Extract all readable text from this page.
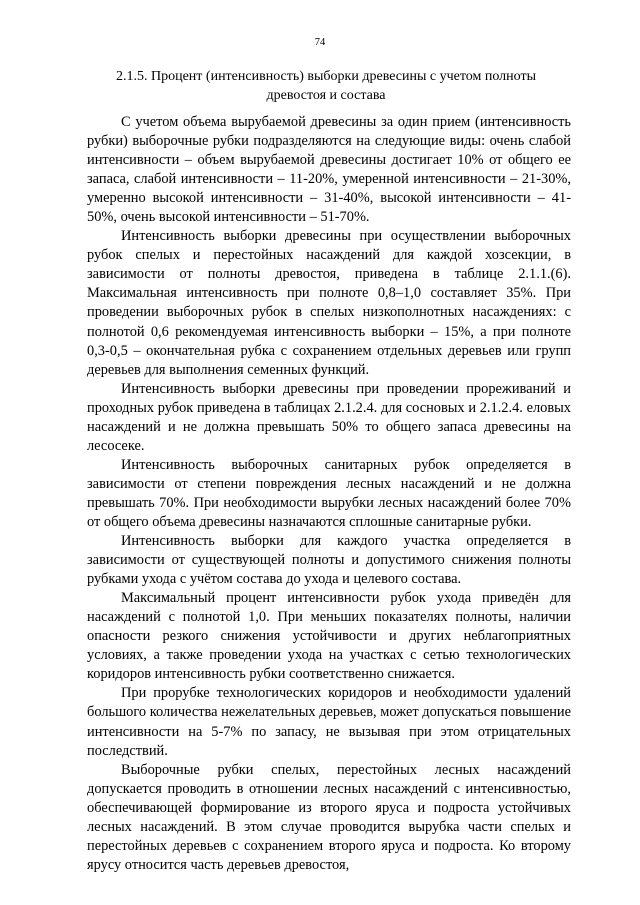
74
2.1.5. Процент (интенсивность) выборки древесины с учетом полноты
древостоя и состава

С учетом объема вырубаемой древесины за один прием (интенсивность рубки) выборочные рубки подразделяются на следующие виды: очень слабой интенсивности – объем вырубаемой древесины достигает 10% от общего ее запаса, слабой интенсивности – 11-20%, умеренной интенсивности – 21-30%, умеренно высокой интенсивности – 31-40%, высокой интенсивности – 41-50%, очень высокой интенсивности – 51-70%.

Интенсивность выборки древесины при осуществлении выборочных рубок спелых и перестойных насаждений для каждой хозсекции, в зависимости от полноты древостоя, приведена в таблице 2.1.1.(6). Максимальная интенсивность при полноте 0,8–1,0 составляет 35%. При проведении выборочных рубок в спелых низкополнотных насаждениях: с полнотой 0,6 рекомендуемая интенсивность выборки – 15%, а при полноте 0,3-0,5 – окончательная рубка с сохранением отдельных деревьев или групп деревьев для выполнения семенных функций.

Интенсивность выборки древесины при проведении прореживаний и проходных рубок приведена в таблицах 2.1.2.4. для сосновых и 2.1.2.4. еловых насаждений и не должна превышать 50% то общего запаса древесины на лесосеке.

Интенсивность выборочных санитарных рубок определяется в зависимости от степени повреждения лесных насаждений и не должна превышать 70%. При необходимости вырубки лесных насаждений более 70% от общего объема древесины назначаются сплошные санитарные рубки.

Интенсивность выборки для каждого участка определяется в зависимости от существующей полноты и допустимого снижения полноты рубками ухода с учётом состава до ухода и целевого состава.

Максимальный процент интенсивности рубок ухода приведён для насаждений с полнотой 1,0. При меньших показателях полноты, наличии опасности резкого снижения устойчивости и других неблагоприятных условиях, а также проведении ухода на участках с сетью технологических коридоров интенсивность рубки соответственно снижается.

При прорубке технологических коридоров и необходимости удалений большого количества нежелательных деревьев, может допускаться повышение интенсивности на 5-7% по запасу, не вызывая при этом отрицательных последствий.

Выборочные рубки спелых, перестойных лесных насаждений допускается проводить в отношении лесных насаждений с интенсивностью, обеспечивающей формирование из второго яруса и подроста устойчивых лесных насаждений. В этом случае проводится вырубка части спелых и перестойных деревьев с сохранением второго яруса и подроста. Ко второму ярусу относится часть деревьев древостоя,
